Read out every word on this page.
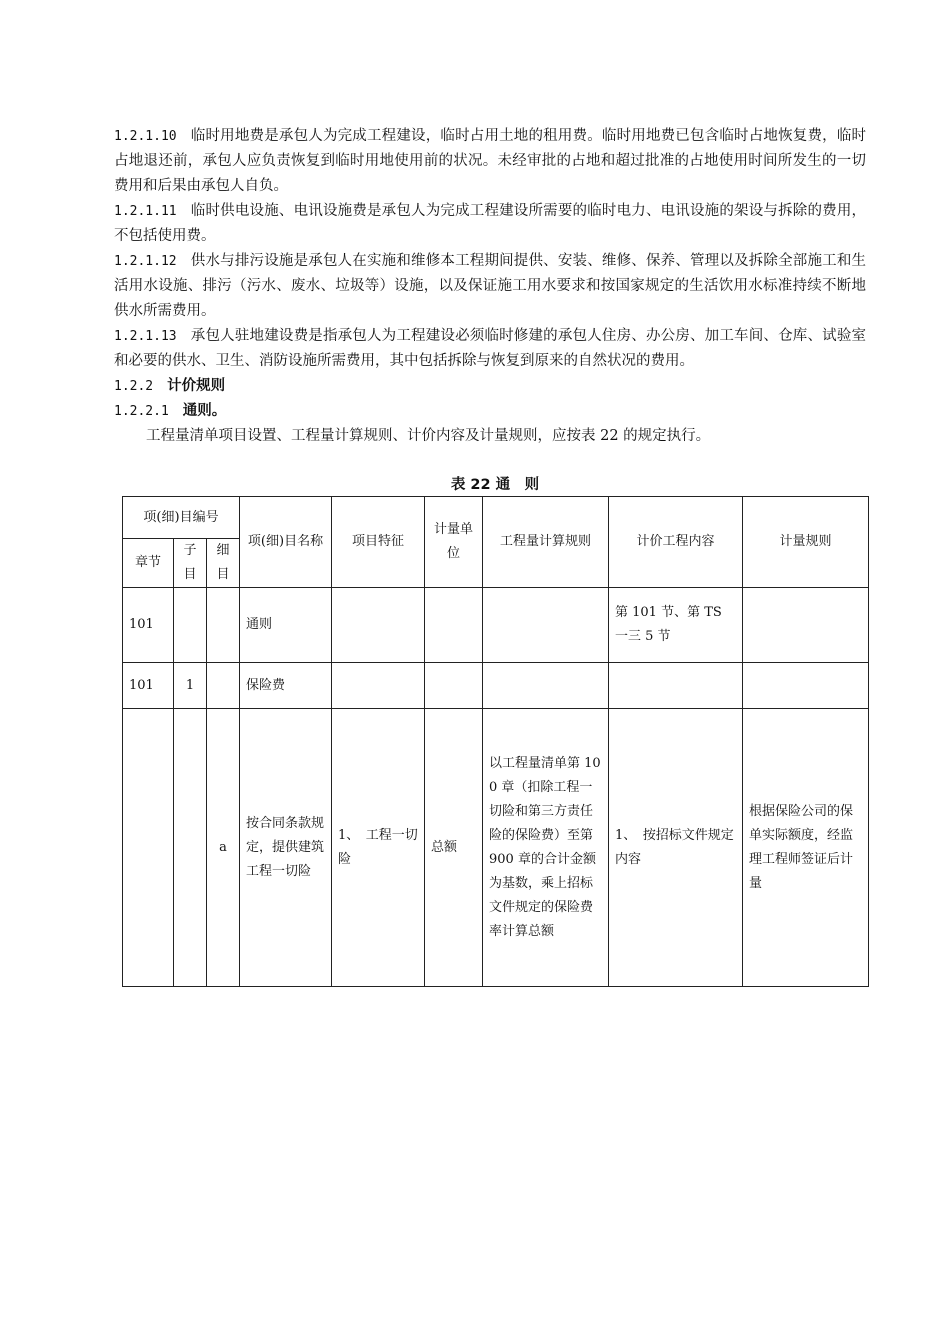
1.2.1.10 临时用地费是承包人为完成工程建设，临时占用土地的租用费。临时用地费已包含临时占地恢复费，临时占地退还前，承包人应负责恢复到临时用地使用前的状况。未经审批的占地和超过批准的占地使用时间所发生的一切费用和后果由承包人自负。

1.2.1.11 临时供电设施、电讯设施费是承包人为完成工程建设所需要的临时电力、电讯设施的架设与拆除的费用，不包括使用费。

1.2.1.12 供水与排污设施是承包人在实施和维修本工程期间提供、安装、维修、保养、管理以及拆除全部施工和生活用水设施、排污（污水、废水、垃圾等）设施，以及保证施工用水要求和按国家规定的生活饮用水标准持续不断地供水所需费用。

1.2.1.13 承包人驻地建设费是指承包人为工程建设必须临时修建的承包人住房、办公房、加工车间、仓库、试验室和必要的供水、卫生、消防设施所需费用，其中包括拆除与恢复到原来的自然状况的费用。

1.2.2 计价规则

1.2.2.1 通则。

工程量清单项目设置、工程量计算规则、计价内容及计量规则，应按表 22 的规定执行。

表 22 通　则
项(细)目编号			项(细)目名称	项目特征	计量单位	工程量计算规则	计价工程内容	计量规则
章节	子目	细目						
101			通则				第 101 节、第 TS 一三 5 节	
101	1		保险费					
		a	按合同条款规定，提供建筑工程一切险	1、　工程一切险	总额	以工程量清单第 100 章（扣除工程一切险和第三方责任险的保险费）至第 900 章的合计金额为基数，乘上招标文件规定的保险费率计算总额	1、　按招标文件规定内容	根据保险公司的保单实际额度，经监理工程师签证后计量
